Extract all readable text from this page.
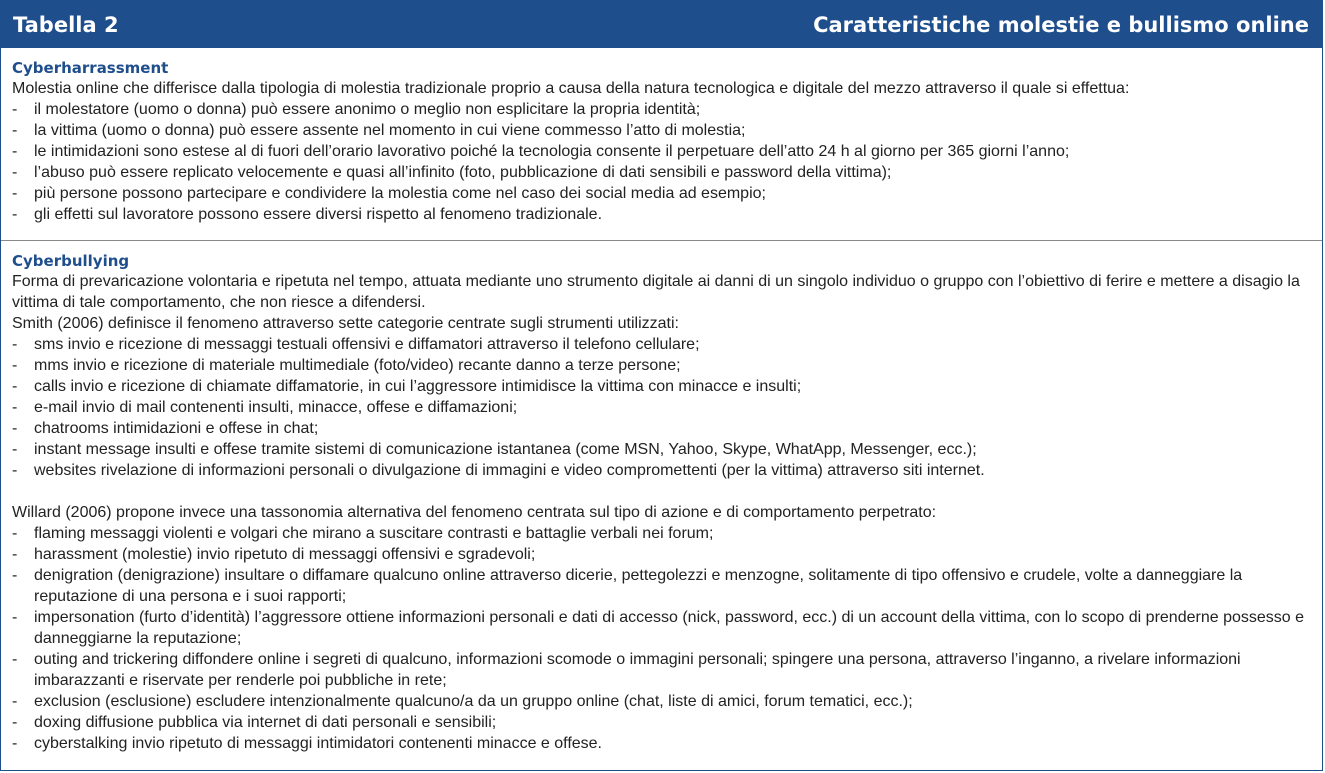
Tabella 2	Caratteristiche molestie e bullismo online
Cyberharrassment
Molestia online che differisce dalla tipologia di molestia tradizionale proprio a causa della natura tecnologica e digitale del mezzo attraverso il quale si effettua:
- il molestatore (uomo o donna) può essere anonimo o meglio non esplicitare la propria identità;
- la vittima (uomo o donna) può essere assente nel momento in cui viene commesso l’atto di molestia;
- le intimidazioni sono estese al di fuori dell’orario lavorativo poiché la tecnologia consente il perpetuare dell’atto 24 h al giorno per 365 giorni l’anno;
- l’abuso può essere replicato velocemente e quasi all’infinito (foto, pubblicazione di dati sensibili e password della vittima);
- più persone possono partecipare e condividere la molestia come nel caso dei social media ad esempio;
- gli effetti sul lavoratore possono essere diversi rispetto al fenomeno tradizionale.
Cyberbullying
Forma di prevaricazione volontaria e ripetuta nel tempo, attuata mediante uno strumento digitale ai danni di un singolo individuo o gruppo con l’obiettivo di ferire e mettere a disagio la vittima di tale comportamento, che non riesce a difendersi.
Smith (2006) definisce il fenomeno attraverso sette categorie centrate sugli strumenti utilizzati:
- sms invio e ricezione di messaggi testuali offensivi e diffamatori attraverso il telefono cellulare;
- mms invio e ricezione di materiale multimediale (foto/video) recante danno a terze persone;
- calls invio e ricezione di chiamate diffamatorie, in cui l’aggressore intimidisce la vittima con minacce e insulti;
- e-mail invio di mail contenenti insulti, minacce, offese e diffamazioni;
- chatrooms intimidazioni e offese in chat;
- instant message insulti e offese tramite sistemi di comunicazione istantanea (come MSN, Yahoo, Skype, WhatApp, Messenger, ecc.);
- websites rivelazione di informazioni personali o divulgazione di immagini e video compromettenti (per la vittima) attraverso siti internet.
Willard (2006) propone invece una tassonomia alternativa del fenomeno centrata sul tipo di azione e di comportamento perpetrato:
- flaming messaggi violenti e volgari che mirano a suscitare contrasti e battaglie verbali nei forum;
- harassment (molestie) invio ripetuto di messaggi offensivi e sgradevoli;
- denigration (denigrazione) insultare o diffamare qualcuno online attraverso dicerie, pettegolezzi e menzogne, solitamente di tipo offensivo e crudele, volte a danneggiare la reputazione di una persona e i suoi rapporti;
- impersonation (furto d’identità) l’aggressore ottiene informazioni personali e dati di accesso (nick, password, ecc.) di un account della vittima, con lo scopo di prenderne possesso e danneggiarne la reputazione;
- outing and trickering diffondere online i segreti di qualcuno, informazioni scomode o immagini personali; spingere una persona, attraverso l’inganno, a rivelare informazioni imbarazzanti e riservate per renderle poi pubbliche in rete;
- exclusion (esclusione) escludere intenzionalmente qualcuno/a da un gruppo online (chat, liste di amici, forum tematici, ecc.);
- doxing diffusione pubblica via internet di dati personali e sensibili;
- cyberstalking invio ripetuto di messaggi intimidatori contenenti minacce e offese.
